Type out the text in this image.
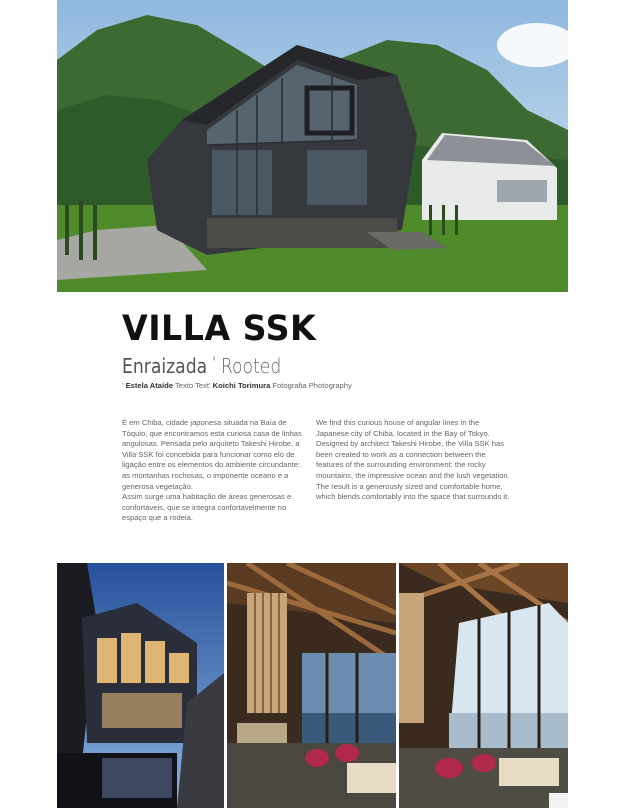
VILLA SSK
Enraizada ' Rooted

' Estela Ataíde Texto Text' Koichi Torimura Fotografia Photography

É em Chiba, cidade japonesa situada na Baía de Tóquio, que encontramos esta curiosa casa de linhas angulosas. Pensada pelo arquiteto Takeshi Hirobe, a Villa SSK foi concebida para funcionar como elo de ligação entre os elementos do ambiente circundante: as montanhas rochosas, o imponente oceano e a generosa vegetação.

Assim surge uma habitação de áreas generosas e confortáveis, que se integra confortavelmente no espaço que a rodeia.

We find this curious house of angular lines in the Japanese city of Chiba, located in the Bay of Tokyo. Designed by architect Takeshi Hirobe, the Villa SSK has been created to work as a connection between the features of the surrounding environment: the rocky mountains, the impressive ocean and the lush vegetation.

The result is a generously sized and comfortable home, which blends comfortably into the space that surrounds it.
